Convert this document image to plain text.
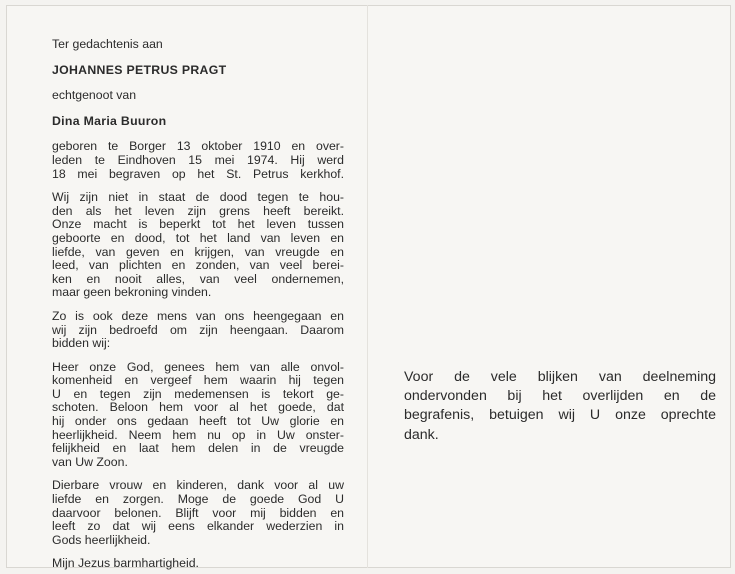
Ter gedachtenis aan

JOHANNES PETRUS PRAGT

echtgenoot van

Dina Maria Buuron

geboren te Borger 13 oktober 1910 en over-
leden te Eindhoven 15 mei 1974. Hij werd
18 mei begraven op het St. Petrus kerkhof.

Wij zijn niet in staat de dood tegen te hou-
den als het leven zijn grens heeft bereikt.
Onze macht is beperkt tot het leven tussen
geboorte en dood, tot het land van leven en
liefde, van geven en krijgen, van vreugde en
leed, van plichten en zonden, van veel berei-
ken en nooit alles, van veel ondernemen,
maar geen bekroning vinden.

Zo is ook deze mens van ons heengegaan en
wij zijn bedroefd om zijn heengaan. Daarom
bidden wij:

Heer onze God, genees hem van alle onvol-
komenheid en vergeef hem waarin hij tegen
U en tegen zijn medemensen is tekort ge-
schoten. Beloon hem voor al het goede, dat
hij onder ons gedaan heeft tot Uw glorie en
heerlijkheid. Neem hem nu op in Uw onster-
felijkheid en laat hem delen in de vreugde
van Uw Zoon.

Dierbare vrouw en kinderen, dank voor al uw
liefde en zorgen. Moge de goede God U
daarvoor belonen. Blijft voor mij bidden en
leeft zo dat wij eens elkander wederzien in
Gods heerlijkheid.

Mijn Jezus barmhartigheid.

Voor de vele blijken van deelneming
ondervonden bij het overlijden en de
begrafenis, betuigen wij U onze oprechte
dank.
